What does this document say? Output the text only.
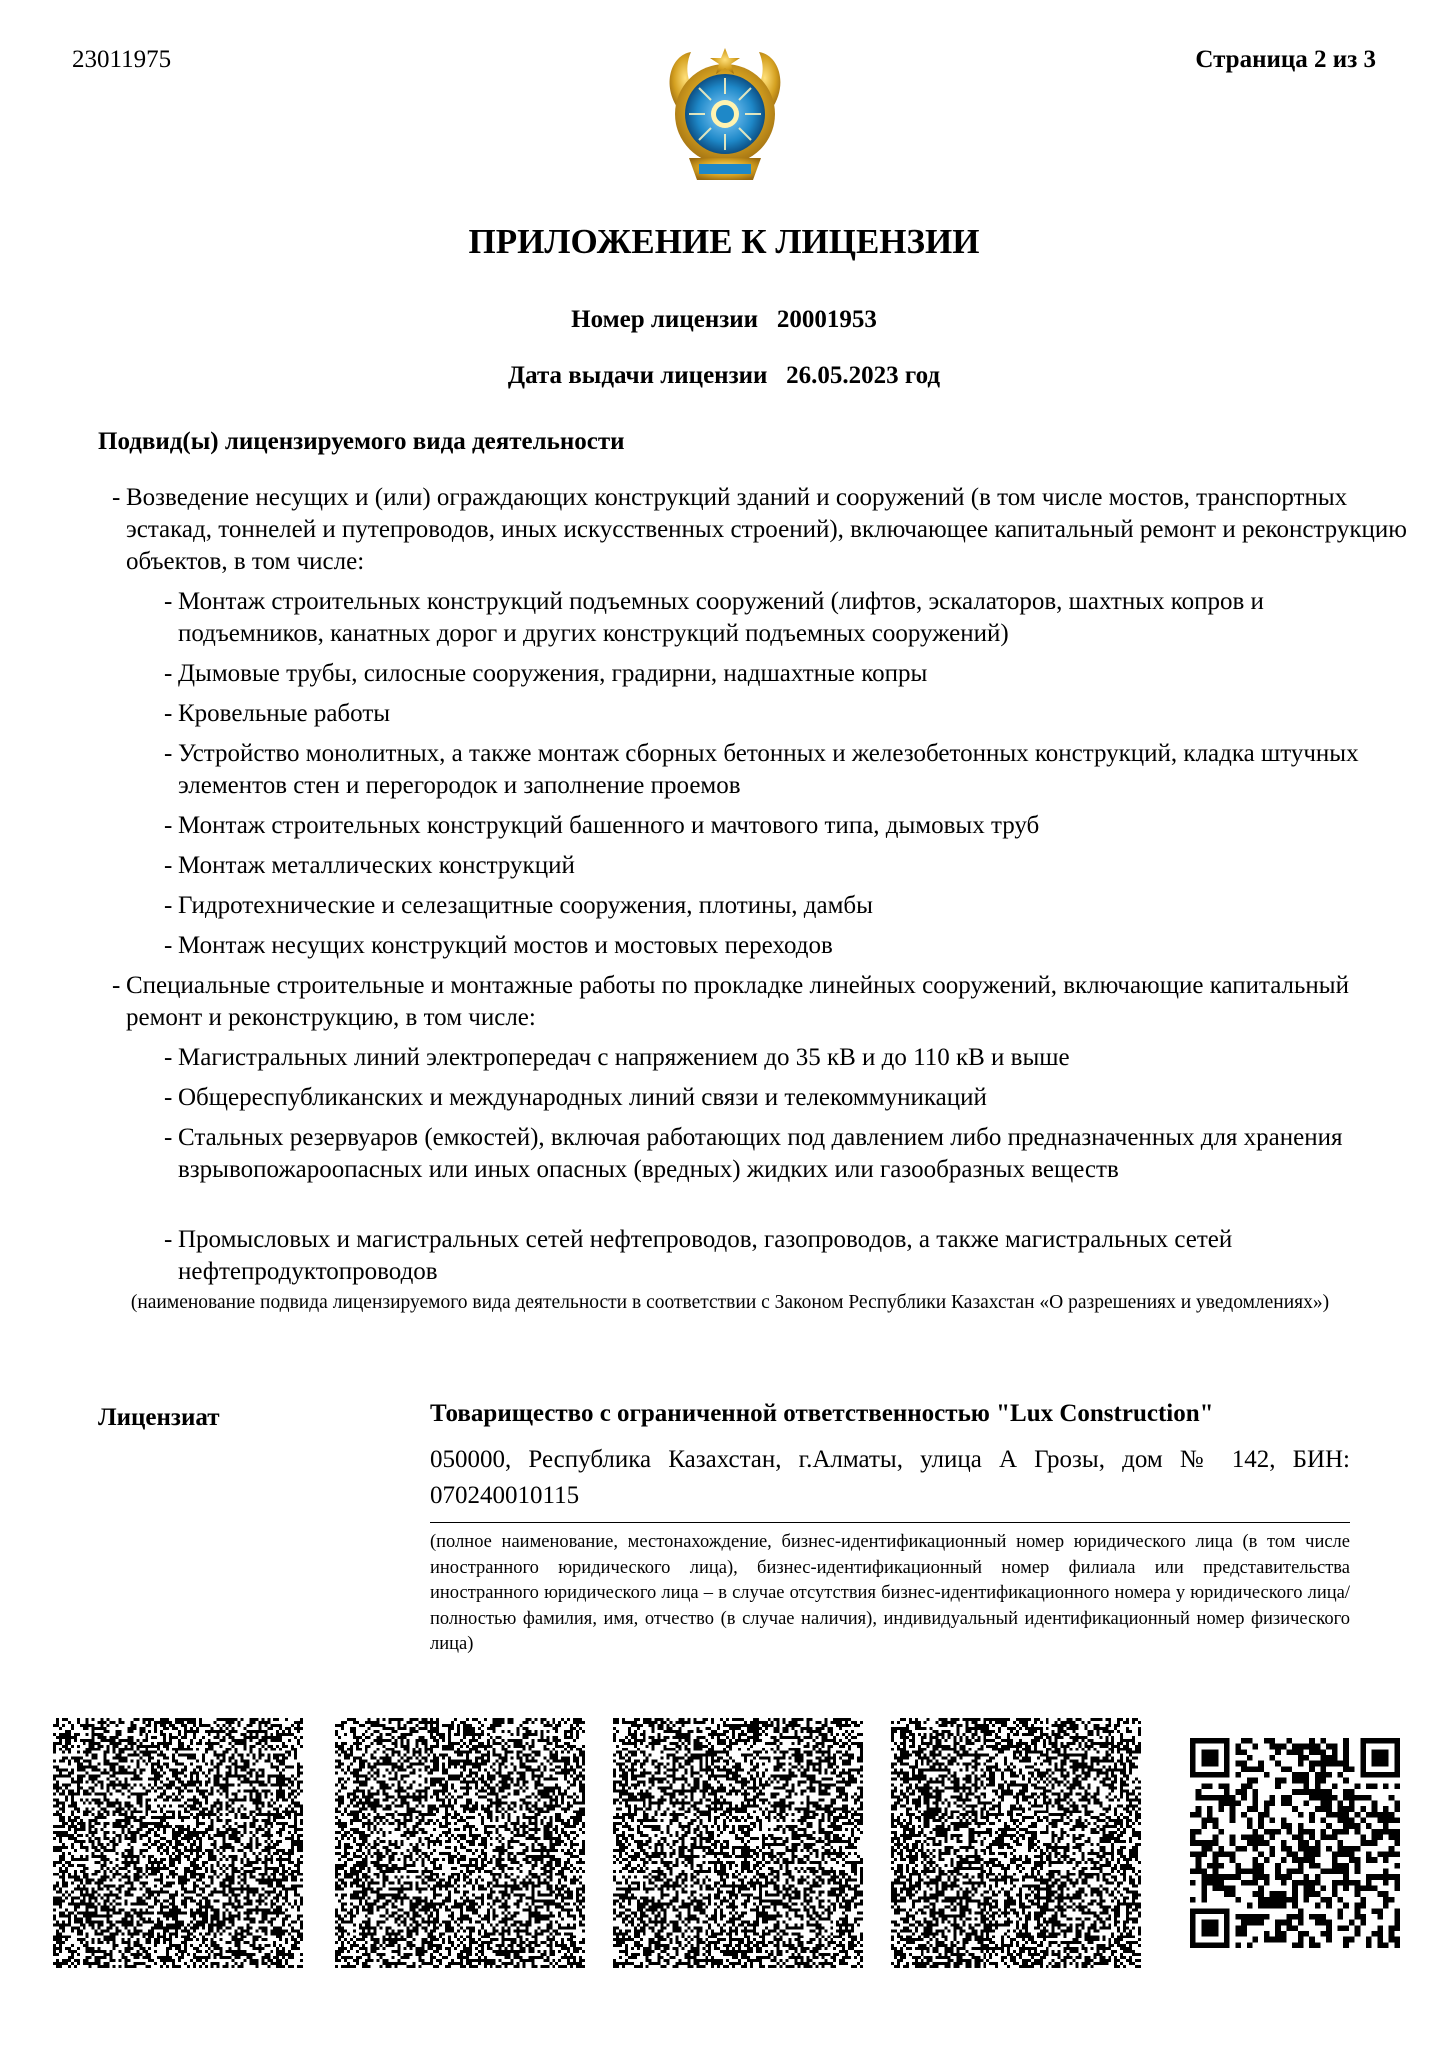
23011975	Страница 2 из 3
ПРИЛОЖЕНИЕ К ЛИЦЕНЗИИ
Номер лицензии   20001953
Дата выдачи лицензии   26.05.2023 год
Подвид(ы) лицензируемого вида деятельности
- Возведение несущих и (или) ограждающих конструкций зданий и сооружений (в том числе мостов, транспортных эстакад, тоннелей и путепроводов, иных искусственных строений), включающее капитальный ремонт и реконструкцию объектов, в том числе:
- Монтаж строительных конструкций подъемных сооружений (лифтов, эскалаторов, шахтных копров и подъемников, канатных дорог и других конструкций подъемных сооружений)
- Дымовые трубы, силосные сооружения, градирни, надшахтные копры
- Кровельные работы
- Устройство монолитных, а также монтаж сборных бетонных и железобетонных конструкций, кладка штучных элементов стен и перегородок и заполнение проемов
- Монтаж строительных конструкций башенного и мачтового типа, дымовых труб
- Монтаж металлических конструкций
- Гидротехнические и селезащитные сооружения, плотины, дамбы
- Монтаж несущих конструкций мостов и мостовых переходов
- Специальные строительные и монтажные работы по прокладке линейных сооружений, включающие капитальный ремонт и реконструкцию, в том числе:
- Магистральных линий электропередач с напряжением до 35 кВ и до 110 кВ и выше
- Общереспубликанских и международных линий связи и телекоммуникаций
- Стальных резервуаров (емкостей), включая работающих под давлением либо предназначенных для хранения взрывопожароопасных или иных опасных (вредных) жидких или газообразных веществ
- Промысловых и магистральных сетей нефтепроводов, газопроводов, а также магистральных сетей нефтепродуктопроводов
(наименование подвида лицензируемого вида деятельности в соответствии с Законом Республики Казахстан «О разрешениях и уведомлениях»)
Лицензиат	Товарищество с ограниченной ответственностью "Lux Construction"
050000, Республика Казахстан, г.Алматы, улица А Грозы, дом № 142, БИН: 070240010115
(полное наименование, местонахождение, бизнес-идентификационный номер юридического лица (в том числе иностранного юридического лица), бизнес-идентификационный номер филиала или представительства иностранного юридического лица – в случае отсутствия бизнес-идентификационного номера у юридического лица/полностью фамилия, имя, отчество (в случае наличия), индивидуальный идентификационный номер физического лица)
